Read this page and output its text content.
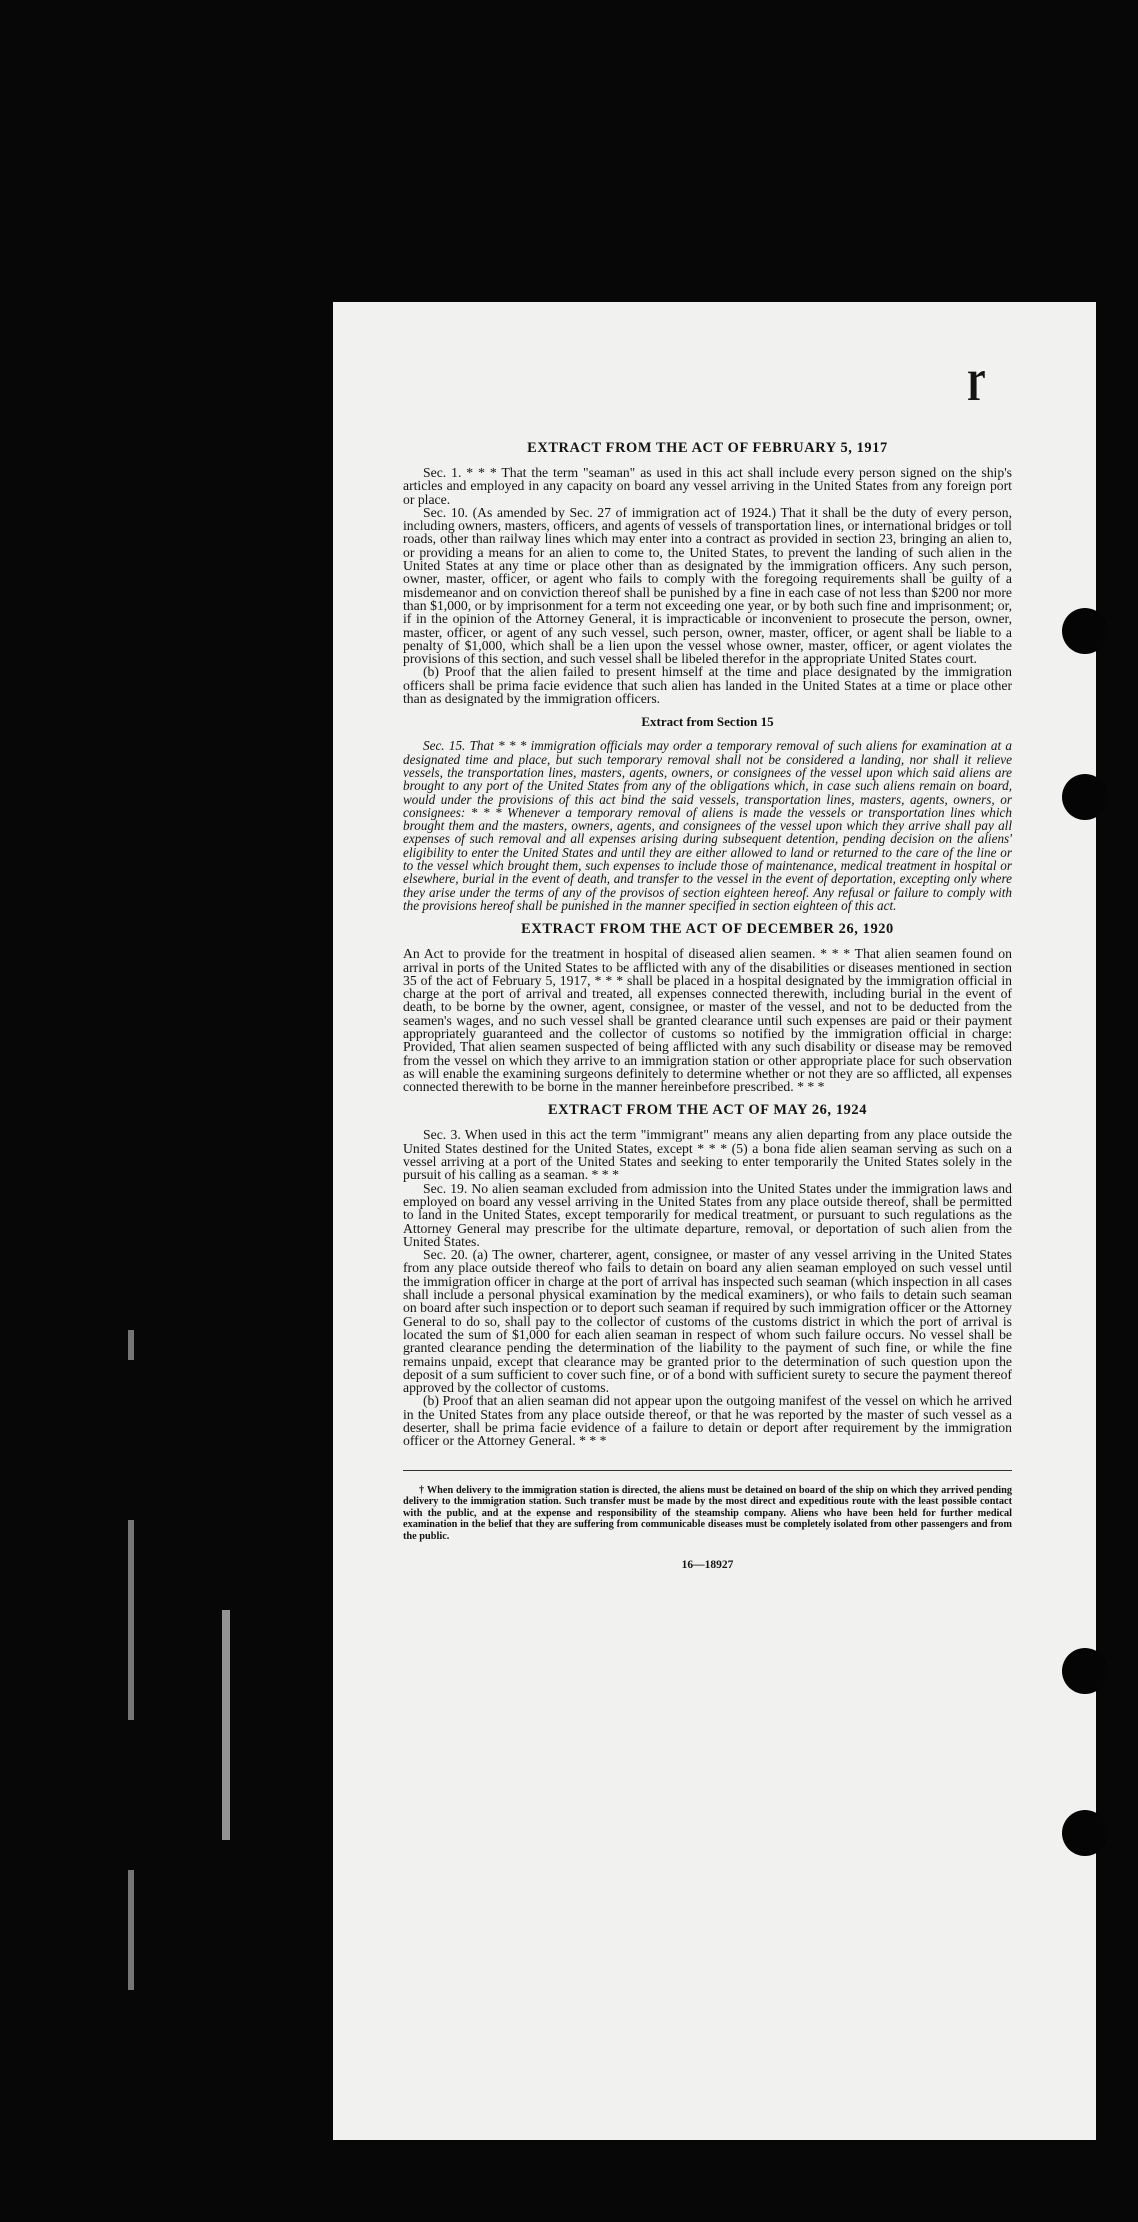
ɼ
EXTRACT FROM THE ACT OF FEBRUARY 5, 1917

Sec. 1. * * * That the term "seaman" as used in this act shall include every person signed on the ship's articles and employed in any capacity on board any vessel arriving in the United States from any foreign port or place.

Sec. 10. (As amended by Sec. 27 of immigration act of 1924.) That it shall be the duty of every person, including owners, masters, officers, and agents of vessels of transportation lines, or international bridges or toll roads, other than railway lines which may enter into a contract as provided in section 23, bringing an alien to, or providing a means for an alien to come to, the United States, to prevent the landing of such alien in the United States at any time or place other than as designated by the immigration officers. Any such person, owner, master, officer, or agent who fails to comply with the foregoing requirements shall be guilty of a misdemeanor and on conviction thereof shall be punished by a fine in each case of not less than $200 nor more than $1,000, or by imprisonment for a term not exceeding one year, or by both such fine and imprisonment; or, if in the opinion of the Attorney General, it is impracticable or inconvenient to prosecute the person, owner, master, officer, or agent of any such vessel, such person, owner, master, officer, or agent shall be liable to a penalty of $1,000, which shall be a lien upon the vessel whose owner, master, officer, or agent violates the provisions of this section, and such vessel shall be libeled therefor in the appropriate United States court.

(b) Proof that the alien failed to present himself at the time and place designated by the immigration officers shall be prima facie evidence that such alien has landed in the United States at a time or place other than as designated by the immigration officers.

Extract from Section 15

Sec. 15. That * * * immigration officials may order a temporary removal of such aliens for examination at a designated time and place, but such temporary removal shall not be considered a landing, nor shall it relieve vessels, the transportation lines, masters, agents, owners, or consignees of the vessel upon which said aliens are brought to any port of the United States from any of the obligations which, in case such aliens remain on board, would under the provisions of this act bind the said vessels, transportation lines, masters, agents, owners, or consignees: * * * Whenever a temporary removal of aliens is made the vessels or transportation lines which brought them and the masters, owners, agents, and consignees of the vessel upon which they arrive shall pay all expenses of such removal and all expenses arising during subsequent detention, pending decision on the aliens' eligibility to enter the United States and until they are either allowed to land or returned to the care of the line or to the vessel which brought them, such expenses to include those of maintenance, medical treatment in hospital or elsewhere, burial in the event of death, and transfer to the vessel in the event of deportation, excepting only where they arise under the terms of any of the provisos of section eighteen hereof. Any refusal or failure to comply with the provisions hereof shall be punished in the manner specified in section eighteen of this act.

EXTRACT FROM THE ACT OF DECEMBER 26, 1920

An Act to provide for the treatment in hospital of diseased alien seamen. * * * That alien seamen found on arrival in ports of the United States to be afflicted with any of the disabilities or diseases mentioned in section 35 of the act of February 5, 1917, * * * shall be placed in a hospital designated by the immigration official in charge at the port of arrival and treated, all expenses connected therewith, including burial in the event of death, to be borne by the owner, agent, consignee, or master of the vessel, and not to be deducted from the seamen's wages, and no such vessel shall be granted clearance until such expenses are paid or their payment appropriately guaranteed and the collector of customs so notified by the immigration official in charge: Provided, That alien seamen suspected of being afflicted with any such disability or disease may be removed from the vessel on which they arrive to an immigration station or other appropriate place for such observation as will enable the examining surgeons definitely to determine whether or not they are so afflicted, all expenses connected therewith to be borne in the manner hereinbefore prescribed. * * *

EXTRACT FROM THE ACT OF MAY 26, 1924

Sec. 3. When used in this act the term "immigrant" means any alien departing from any place outside the United States destined for the United States, except * * * (5) a bona fide alien seaman serving as such on a vessel arriving at a port of the United States and seeking to enter temporarily the United States solely in the pursuit of his calling as a seaman. * * *

Sec. 19. No alien seaman excluded from admission into the United States under the immigration laws and employed on board any vessel arriving in the United States from any place outside thereof, shall be permitted to land in the United States, except temporarily for medical treatment, or pursuant to such regulations as the Attorney General may prescribe for the ultimate departure, removal, or deportation of such alien from the United States.

Sec. 20. (a) The owner, charterer, agent, consignee, or master of any vessel arriving in the United States from any place outside thereof who fails to detain on board any alien seaman employed on such vessel until the immigration officer in charge at the port of arrival has inspected such seaman (which inspection in all cases shall include a personal physical examination by the medical examiners), or who fails to detain such seaman on board after such inspection or to deport such seaman if required by such immigration officer or the Attorney General to do so, shall pay to the collector of customs of the customs district in which the port of arrival is located the sum of $1,000 for each alien seaman in respect of whom such failure occurs. No vessel shall be granted clearance pending the determination of the liability to the payment of such fine, or while the fine remains unpaid, except that clearance may be granted prior to the determination of such question upon the deposit of a sum sufficient to cover such fine, or of a bond with sufficient surety to secure the payment thereof approved by the collector of customs.

(b) Proof that an alien seaman did not appear upon the outgoing manifest of the vessel on which he arrived in the United States from any place outside thereof, or that he was reported by the master of such vessel as a deserter, shall be prima facie evidence of a failure to detain or deport after requirement by the immigration officer or the Attorney General. * * *

† When delivery to the immigration station is directed, the aliens must be detained on board of the ship on which they arrived pending delivery to the immigration station. Such transfer must be made by the most direct and expeditious route with the least possible contact with the public, and at the expense and responsibility of the steamship company. Aliens who have been held for further medical examination in the belief that they are suffering from communicable diseases must be completely isolated from other passengers and from the public.

16—18927
